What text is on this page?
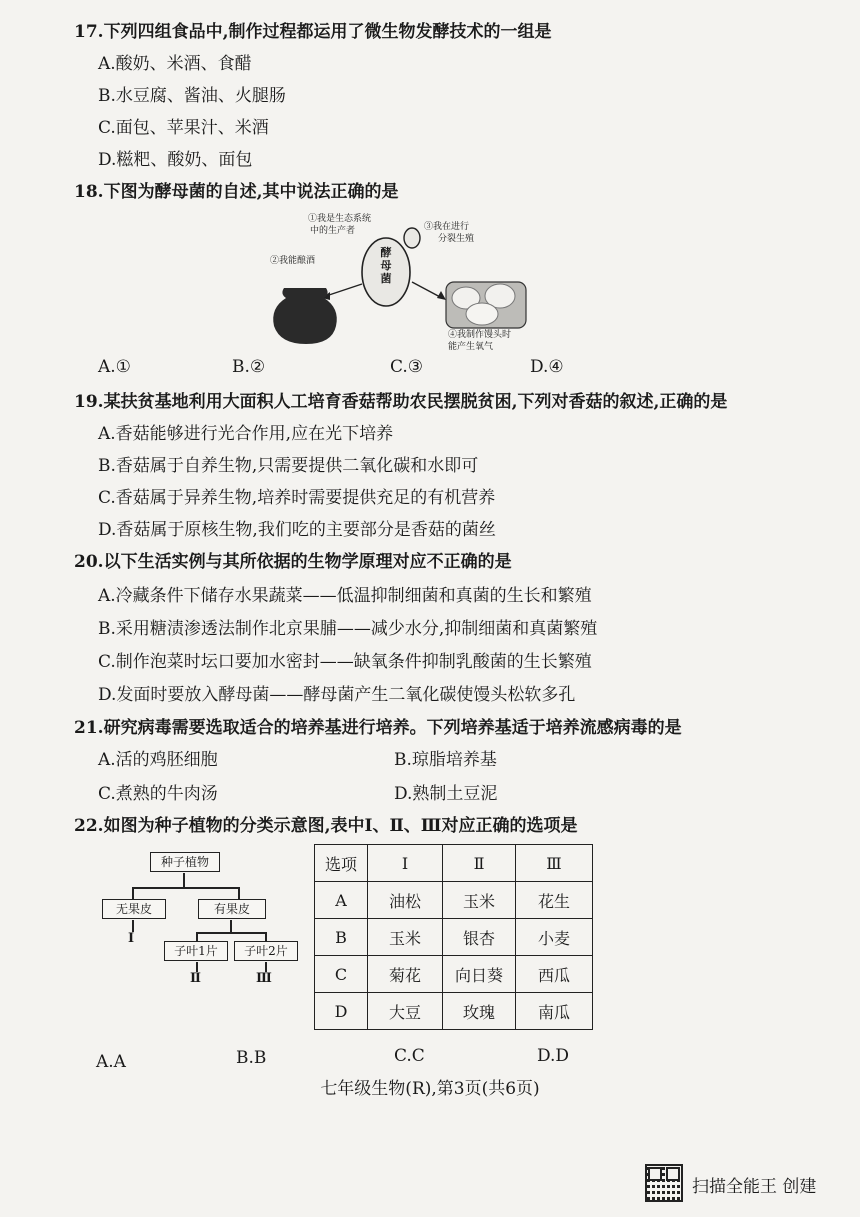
17.下列四组食品中,制作过程都运用了微生物发酵技术的一组是
A.酸奶、米酒、食醋
B.水豆腐、酱油、火腿肠
C.面包、苹果汁、米酒
D.糍粑、酸奶、面包
18.下图为酵母菌的自述,其中说法正确的是
①我是生态系统
中的生产者	③我在进行
分裂生殖
②我能酿酒
酵
母
菌
④我制作馒头时
能产生氧气
A.①	B.②	C.③	D.④
19.某扶贫基地利用大面积人工培育香菇帮助农民摆脱贫困,下列对香菇的叙述,正确的是
A.香菇能够进行光合作用,应在光下培养
B.香菇属于自养生物,只需要提供二氧化碳和水即可
C.香菇属于异养生物,培养时需要提供充足的有机营养
D.香菇属于原核生物,我们吃的主要部分是香菇的菌丝
20.以下生活实例与其所依据的生物学原理对应不正确的是
A.冷藏条件下储存水果蔬菜——低温抑制细菌和真菌的生长和繁殖
B.采用糖渍渗透法制作北京果脯——减少水分,抑制细菌和真菌繁殖
C.制作泡菜时坛口要加水密封——缺氧条件抑制乳酸菌的生长繁殖
D.发面时要放入酵母菌——酵母菌产生二氧化碳使馒头松软多孔
21.研究病毒需要选取适合的培养基进行培养。下列培养基适于培养流感病毒的是
A.活的鸡胚细胞	B.琼脂培养基
C.煮熟的牛肉汤	D.熟制土豆泥
22.如图为种子植物的分类示意图,表中Ⅰ、Ⅱ、Ⅲ对应正确的选项是
种子植物
无果皮	有果皮
Ⅰ
子叶1片	子叶2片
Ⅱ	Ⅲ
选项	Ⅰ	Ⅱ	Ⅲ
A	油松	玉米	花生
B	玉米	银杏	小麦
C	菊花	向日葵	西瓜
D	大豆	玫瑰	南瓜
A.A	B.B	C.C	D.D
七年级生物(R),第3页(共6页)
扫描全能王 创建
